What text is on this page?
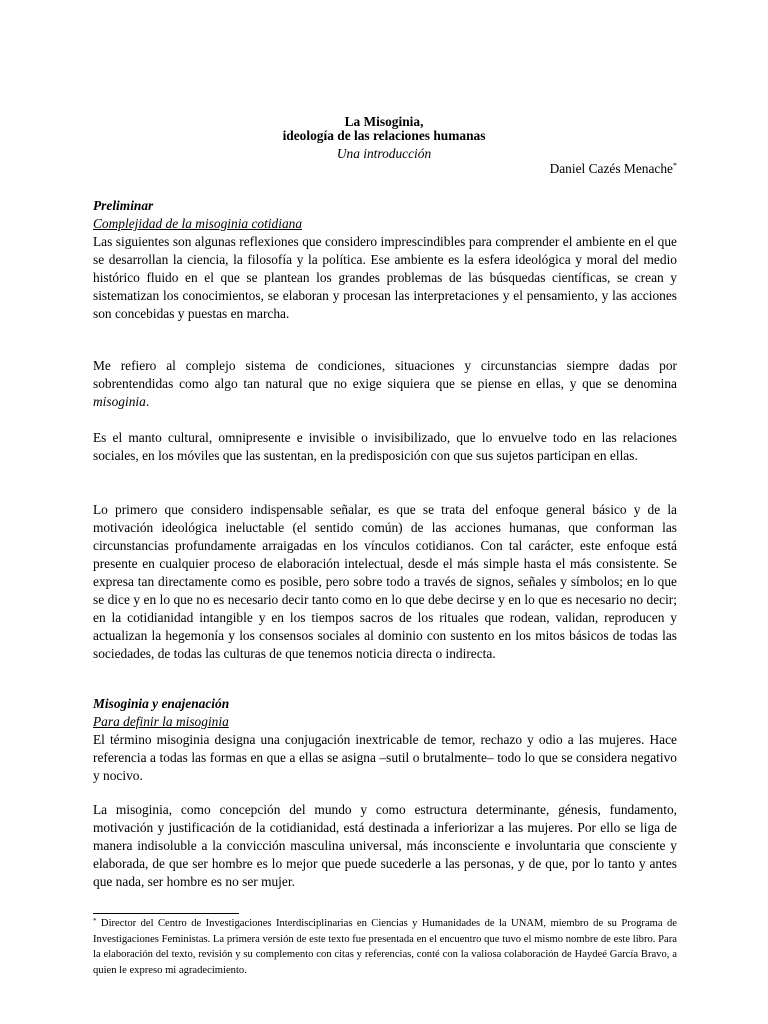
La Misoginia,
ideología de las relaciones humanas
Una introducción
Daniel Cazés Menache*
Preliminar
Complejidad de la misoginia cotidiana
Las siguientes son algunas reflexiones que considero imprescindibles para comprender el ambiente en el que se desarrollan la ciencia, la filosofía y la política. Ese ambiente es la esfera ideológica y moral del medio histórico fluido en el que se plantean los grandes problemas de las búsquedas científicas, se crean y sistematizan los conocimientos, se elaboran y procesan las interpretaciones y el pensamiento, y las acciones son concebidas y puestas en marcha.
Me refiero al complejo sistema de condiciones, situaciones y circunstancias siempre dadas por sobrentendidas como algo tan natural que no exige siquiera que se piense en ellas, y que se denomina misoginia.
Es el manto cultural, omnipresente e invisible o invisibilizado, que lo envuelve todo en las relaciones sociales, en los móviles que las sustentan, en la predisposición con que sus sujetos participan en ellas.
Lo primero que considero indispensable señalar, es que se trata del enfoque general básico y de la motivación ideológica ineluctable (el sentido común) de las acciones humanas, que conforman las circunstancias profundamente arraigadas en los vínculos cotidianos. Con tal carácter, este enfoque está presente en cualquier proceso de elaboración intelectual, desde el más simple hasta el más consistente. Se expresa tan directamente como es posible, pero sobre todo a través de signos, señales y símbolos; en lo que se dice y en lo que no es necesario decir tanto como en lo que debe decirse y en lo que es necesario no decir; en la cotidianidad intangible y en los tiempos sacros de los rituales que rodean, validan, reproducen y actualizan la hegemonía y los consensos sociales al dominio con sustento en los mitos básicos de todas las sociedades, de todas las culturas de que tenemos noticia directa o indirecta.
Misoginia y enajenación
Para definir la misoginia
El término misoginia designa una conjugación inextricable de temor, rechazo y odio a las mujeres. Hace referencia a todas las formas en que a ellas se asigna –sutil o brutalmente– todo lo que se considera negativo y nocivo.
La misoginia, como concepción del mundo y como estructura determinante, génesis, fundamento, motivación y justificación de la cotidianidad, está destinada a inferiorizar a las mujeres. Por ello se liga de manera indisoluble a la convicción masculina universal, más inconsciente e involuntaria que consciente y elaborada, de que ser hombre es lo mejor que puede sucederle a las personas, y de que, por lo tanto y antes que nada, ser hombre es no ser mujer.
* Director del Centro de Investigaciones Interdisciplinarias en Ciencias y Humanidades de la UNAM, miembro de su Programa de Investigaciones Feministas. La primera versión de este texto fue presentada en el encuentro que tuvo el mismo nombre de este libro. Para la elaboración del texto, revisión y su complemento con citas y referencias, conté con la valiosa colaboración de Haydeé García Bravo, a quien le expreso mi agradecimiento.
